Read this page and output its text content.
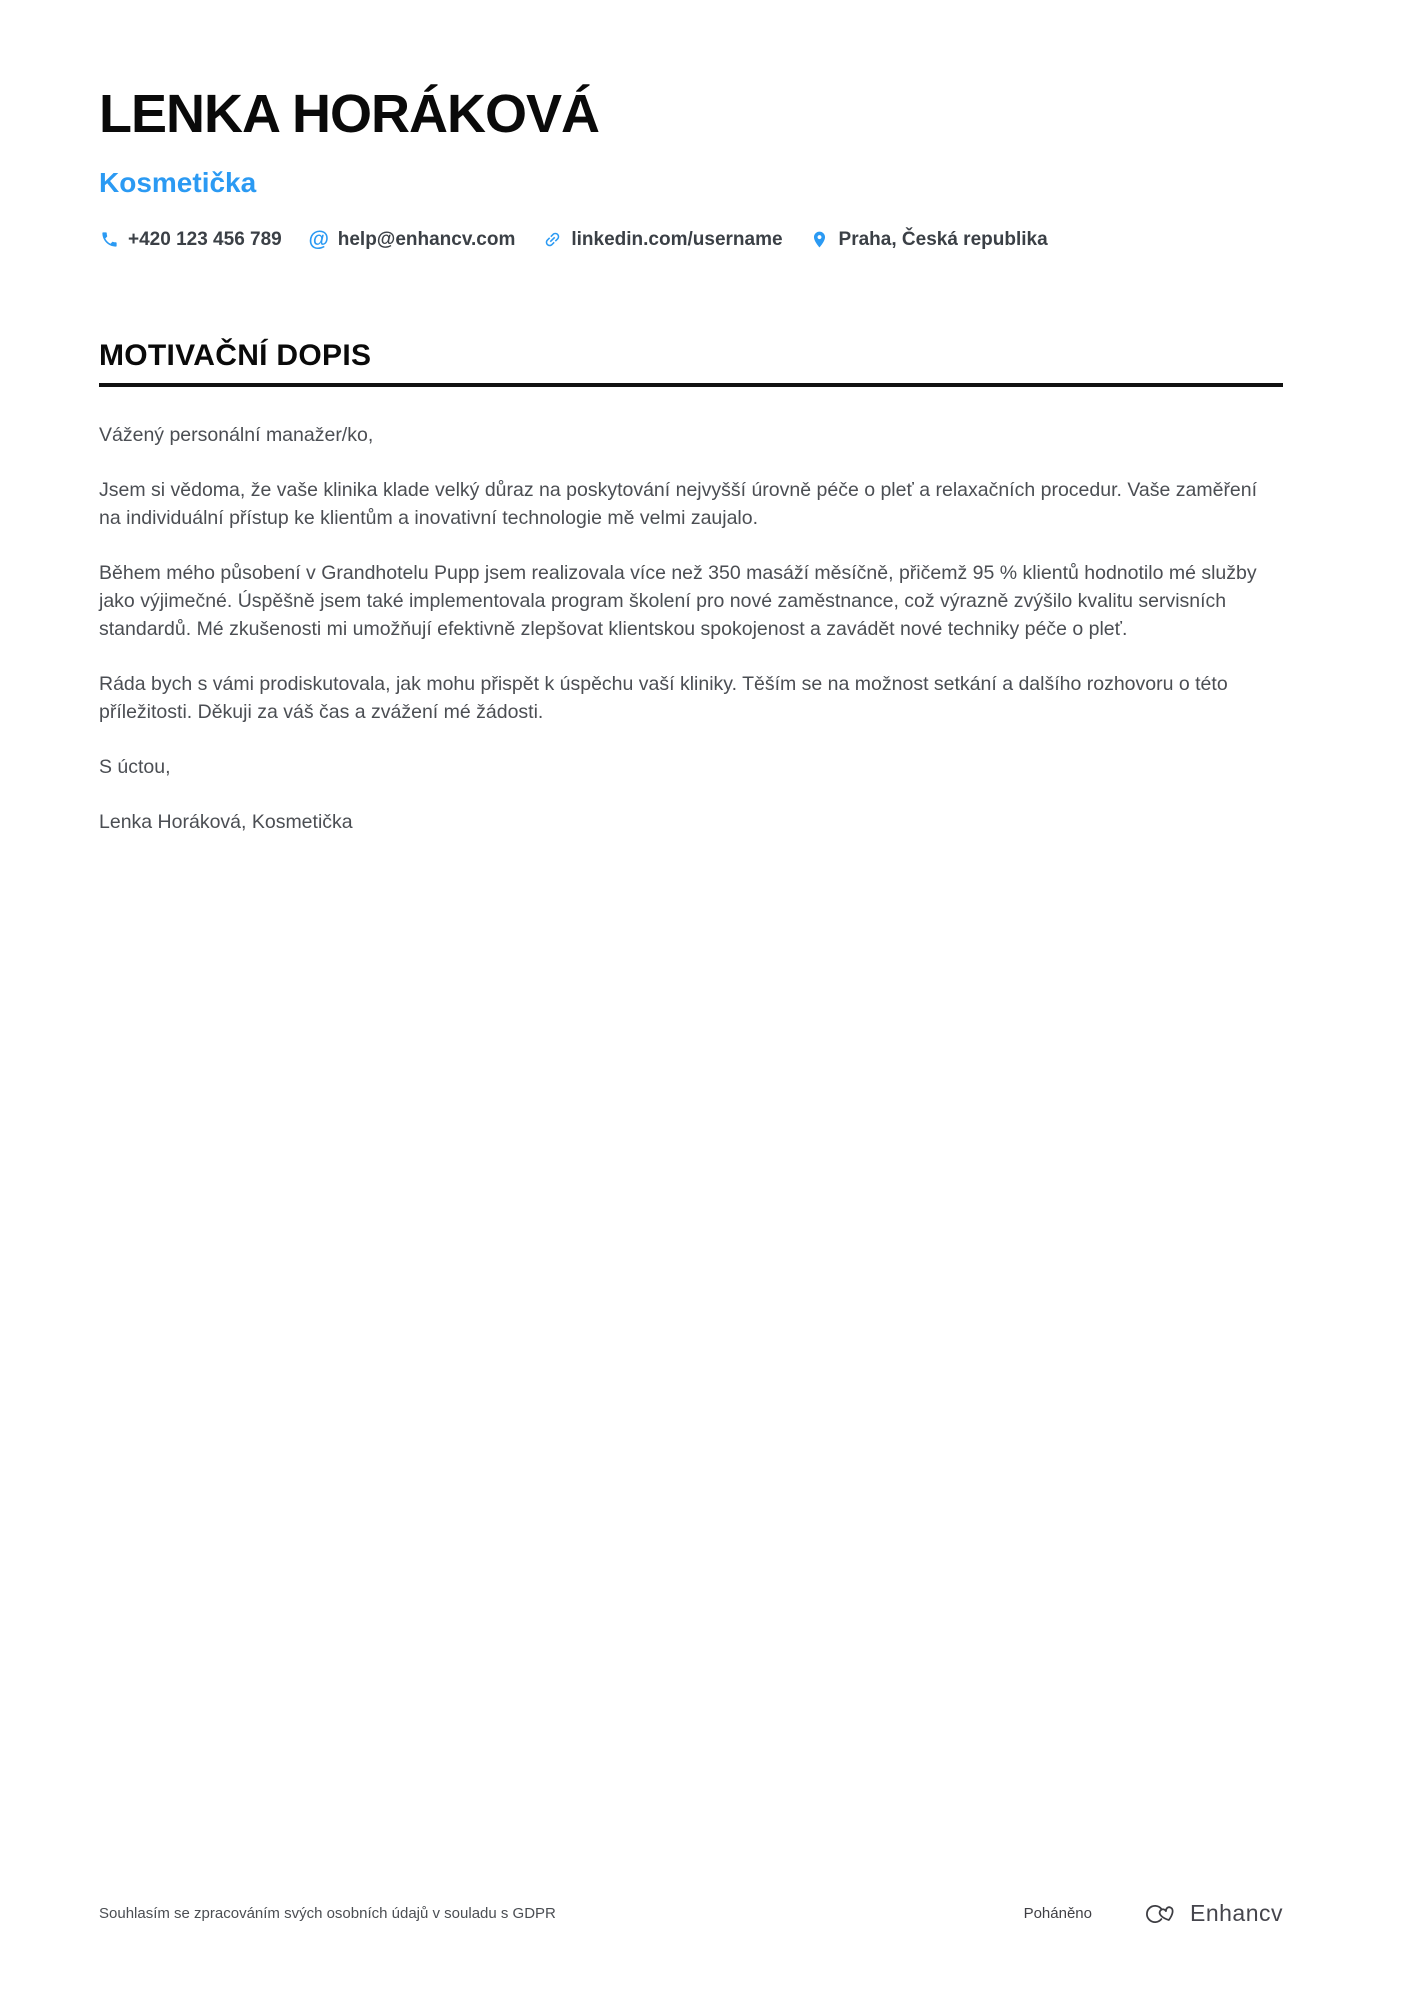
LENKA HORÁKOVÁ
Kosmetička
+420 123 456 789 @ help@enhancv.com	linkedin.com/username	Praha, Česká republika
MOTIVAČNÍ DOPIS

Vážený personální manažer/ko,

Jsem si vědoma, že vaše klinika klade velký důraz na poskytování nejvyšší úrovně péče o pleť a relaxačních procedur. Vaše zaměření na individuální přístup ke klientům a inovativní technologie mě velmi zaujalo.

Během mého působení v Grandhotelu Pupp jsem realizovala více než 350 masáží měsíčně, přičemž 95 % klientů hodnotilo mé služby jako výjimečné. Úspěšně jsem také implementovala program školení pro nové zaměstnance, což výrazně zvýšilo kvalitu servisních standardů. Mé zkušenosti mi umožňují efektivně zlepšovat klientskou spokojenost a zavádět nové techniky péče o pleť.

Ráda bych s vámi prodiskutovala, jak mohu přispět k úspěchu vaší kliniky. Těším se na možnost setkání a dalšího rozhovoru o této příležitosti. Děkuji za váš čas a zvážení mé žádosti.

S úctou,

Lenka Horáková, Kosmetička

Souhlasím se zpracováním svých osobních údajů v souladu s GDPR	Poháněno	Enhancv
